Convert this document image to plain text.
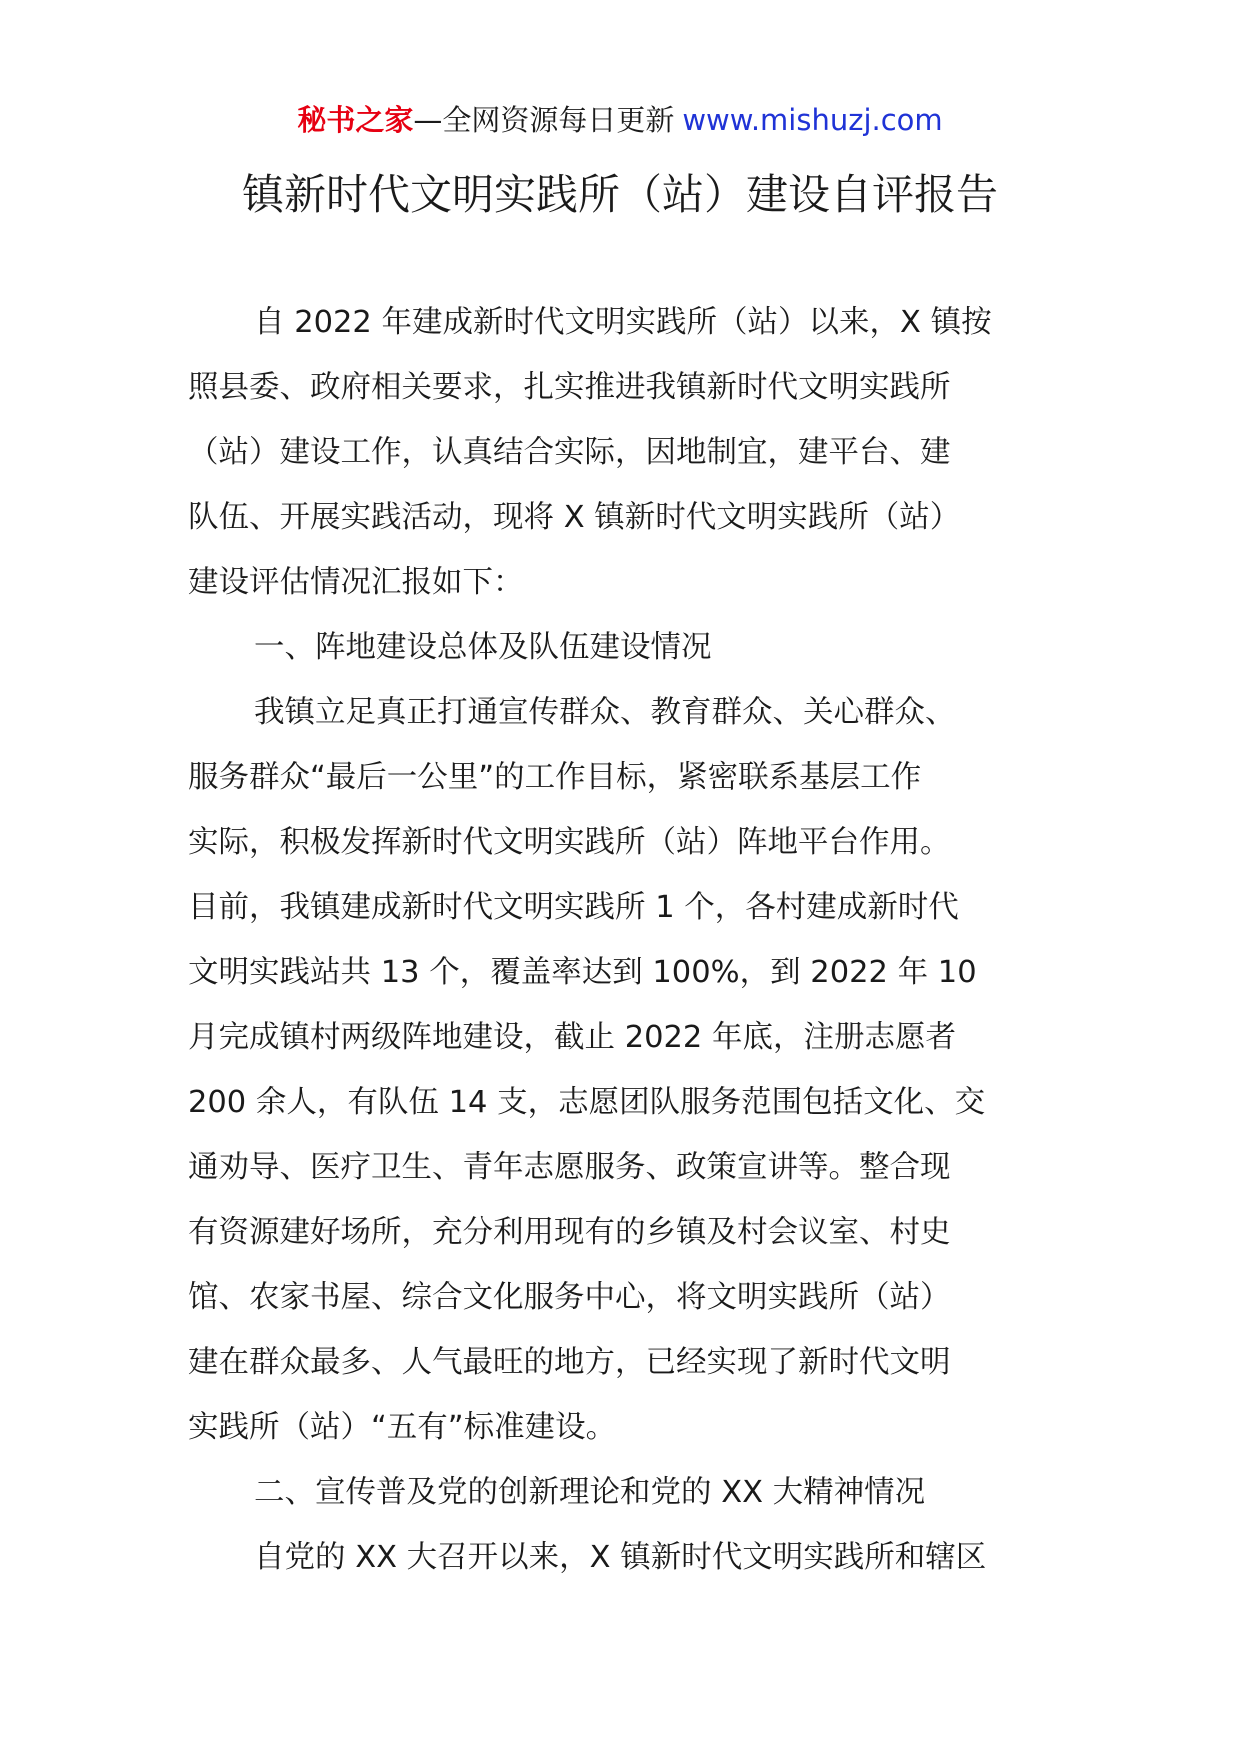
秘书之家—全网资源每日更新 www.mishuzj.com
镇新时代文明实践所（站）建设自评报告
自 2022 年建成新时代文明实践所（站）以来，X 镇按
照县委、政府相关要求，扎实推进我镇新时代文明实践所
（站）建设工作，认真结合实际，因地制宜，建平台、建
队伍、开展实践活动，现将 X 镇新时代文明实践所（站）
建设评估情况汇报如下：
一、阵地建设总体及队伍建设情况
我镇立足真正打通宣传群众、教育群众、关心群众、
服务群众“最后一公里”的工作目标，紧密联系基层工作
实际，积极发挥新时代文明实践所（站）阵地平台作用。
目前，我镇建成新时代文明实践所 1 个，各村建成新时代
文明实践站共 13 个，覆盖率达到 100%，到 2022 年 10
月完成镇村两级阵地建设，截止 2022 年底，注册志愿者
200 余人，有队伍 14 支，志愿团队服务范围包括文化、交
通劝导、医疗卫生、青年志愿服务、政策宣讲等。整合现
有资源建好场所，充分利用现有的乡镇及村会议室、村史
馆、农家书屋、综合文化服务中心，将文明实践所（站）
建在群众最多、人气最旺的地方，已经实现了新时代文明
实践所（站）“五有”标准建设。
二、宣传普及党的创新理论和党的 XX 大精神情况
自党的 XX 大召开以来，X 镇新时代文明实践所和辖区
